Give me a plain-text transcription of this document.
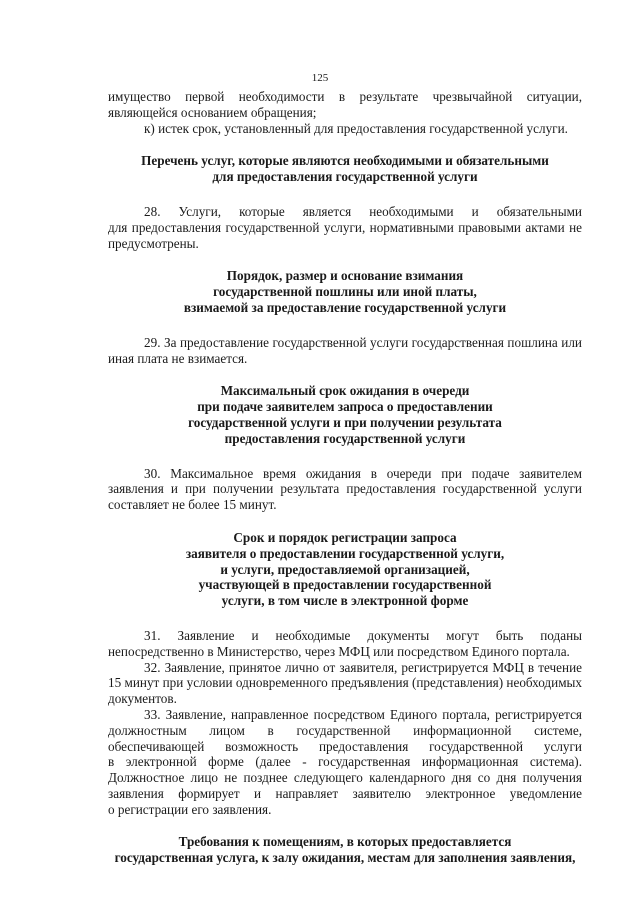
125

имущество первой необходимости в результате чрезвычайной ситуации,
являющейся основанием обращения;

к) истек срок, установленный для предоставления государственной услуги.

Перечень услуг, которые являются необходимыми и обязательными
для предоставления государственной услуги

28. Услуги, которые является необходимыми и обязательными
для предоставления государственной услуги, нормативными правовыми актами не
предусмотрены.

Порядок, размер и основание взимания
государственной пошлины или иной платы,
взимаемой за предоставление государственной услуги

29. За предоставление государственной услуги государственная пошлина или
иная плата не взимается.

Максимальный срок ожидания в очереди
при подаче заявителем запроса о предоставлении
государственной услуги и при получении результата
предоставления государственной услуги

30. Максимальное время ожидания в очереди при подаче заявителем
заявления и при получении результата предоставления государственной услуги
составляет не более 15 минут.

Срок и порядок регистрации запроса
заявителя о предоставлении государственной услуги,
и услуги, предоставляемой организацией,
участвующей в предоставлении государственной
услуги, в том числе в электронной форме

31. Заявление и необходимые документы могут быть поданы
непосредственно в Министерство, через МФЦ или посредством Единого портала.

32. Заявление, принятое лично от заявителя, регистрируется МФЦ в течение
15 минут при условии одновременного предъявления (представления) необходимых
документов.

33. Заявление, направленное посредством Единого портала, регистрируется
должностным лицом в государственной информационной системе,
обеспечивающей возможность предоставления государственной услуги
в электронной форме (далее - государственная информационная система).
Должностное лицо не позднее следующего календарного дня со дня получения
заявления формирует и направляет заявителю электронное уведомление
о регистрации его заявления.

Требования к помещениям, в которых предоставляется
государственная услуга, к залу ожидания, местам для заполнения заявления,
